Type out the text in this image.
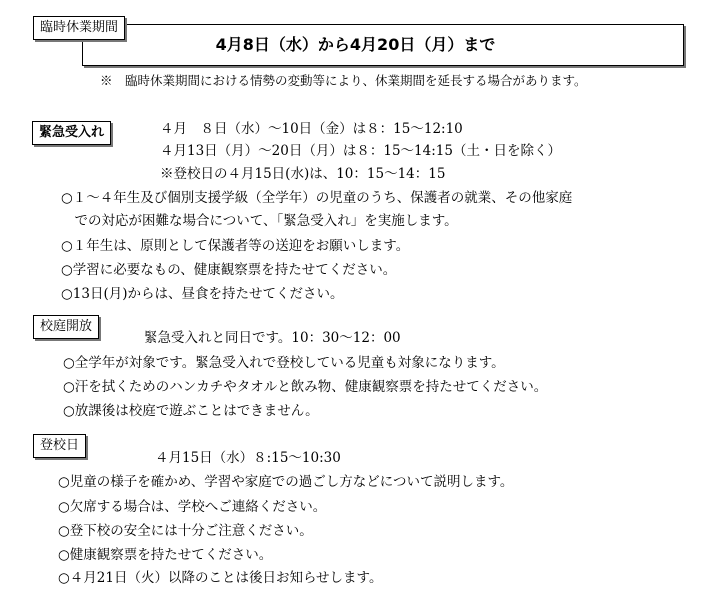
臨時休業期間
4月8日（水）から4月20日（月）まで
※　臨時休業期間における情勢の変動等により、休業期間を延長する場合があります。
緊急受入れ	４月　８日（水）～10日（金）は８：15～12:10
４月13日（月）～20日（月）は８：15～14:15（土・日を除く）
※登校日の４月15日(水)は、10：15～14：15
○１～４年生及び個別支援学級（全学年）の児童のうち、保護者の就業、その他家庭
　での対応が困難な場合について、「緊急受入れ」を実施します。
○１年生は、原則として保護者等の送迎をお願いします。
○学習に必要なもの、健康観察票を持たせてください。
○13日(月)からは、昼食を持たせてください。
校庭開放
緊急受入れと同日です。10：30～12：00
○全学年が対象です。緊急受入れで登校している児童も対象になります。
○汗を拭くためのハンカチやタオルと飲み物、健康観察票を持たせてください。
○放課後は校庭で遊ぶことはできません。
登校日
４月15日（水）８:15～10:30
○児童の様子を確かめ、学習や家庭での過ごし方などについて説明します。
○欠席する場合は、学校へご連絡ください。
○登下校の安全には十分ご注意ください。
○健康観察票を持たせてください。
○４月21日（火）以降のことは後日お知らせします。
